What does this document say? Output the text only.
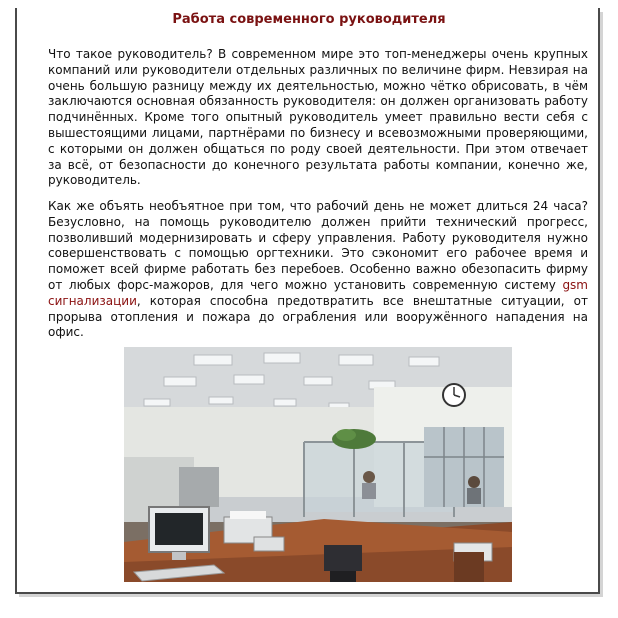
Работа современного руководителя

Что такое руководитель? В современном мире это топ-менеджеры очень крупных компаний или руководители отдельных различных по величине фирм. Невзирая на очень большую разницу между их деятельностью, можно чётко обрисовать, в чём заключаются основная обязанность руководителя: он должен организовать работу подчинённых. Кроме того опытный руководитель умеет правильно вести себя с вышестоящими лицами, партнёрами по бизнесу и всевозможными проверяющими, с которыми он должен общаться по роду своей деятельности. При этом отвечает за всё, от безопасности до конечного результата работы компании, конечно же, руководитель.

Как же объять необъятное при том, что рабочий день не может длиться 24 часа? Безусловно, на помощь руководителю должен прийти технический прогресс, позволивший модернизировать и сферу управления. Работу руководителя нужно совершенствовать с помощью оргтехники. Это сэкономит его рабочее время и поможет всей фирме работать без перебоев. Особенно важно обезопасить фирму от любых форс-мажоров, для чего можно установить современную систему gsm сигнализации, которая способна предотвратить все внештатные ситуации, от прорыва отопления и пожара до ограбления или вооружённого нападения на офис.
